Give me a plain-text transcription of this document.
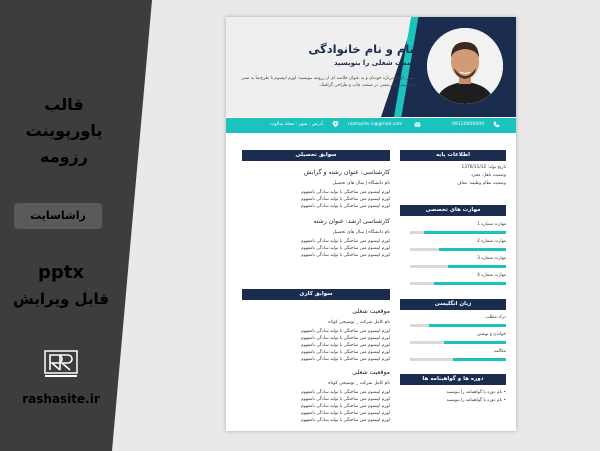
قالب
پاورپوینت
رزومه
راشاسایت
pptx
قابل ویرایش
rashasite.ir
نام و نام خانوادگی
سمت شغلی را بنویسید
متنی کوتاه درباره خودتان و به عنوان خلاصه ای از رزومه بنویسید؛ لورم ایپسوم یا طرح‌نما به متنی آزمایشی و بی‌معنی در صنعت چاپ و طراحی گرافیک.
09120000000
rashasite.ir@gmail.com
آدرس : شهر - محله سالوت
اطلاعات پایه
تاریخ تولد: 1376/11/12
وضعیت تاهل: مجرد
وضعیت نظام وظیفه: معاف
مهارت های تخصصی
مهارت شماره 1
مهارت شماره 2
مهارت شماره 3
مهارت شماره 4
زبان انگلیسی
درک مطلب
خواندن و نوشتن
مکالمه
دوره ها و گواهینامه ها
• نام دوره یا گواهینامه را بنویسید
• نام دوره یا گواهینامه را بنویسید
سوابق تحصیلی
کارشناسی: عنوان رشته و گرایش
نام دانشگاه | سال های تحصیل
لورم ایپسوم متن ساختگی با تولید سادگی نامفهوم
لورم ایپسوم متن ساختگی با تولید سادگی نامفهوم
لورم ایپسوم متن ساختگی با تولید سادگی نامفهوم
کارشناسی ارشد: عنوان رشته
نام دانشگاه | سال های تحصیل
لورم ایپسوم متن ساختگی با تولید سادگی نامفهوم
لورم ایپسوم متن ساختگی با تولید سادگی نامفهوم
لورم ایپسوم متن ساختگی با تولید سادگی نامفهوم
سوابق کاری
موقعیت شغلی
نام کامل شرکت _ توضیحی کوتاه
لورم ایپسوم متن ساختگی با تولید سادگی نامفهوم
لورم ایپسوم متن ساختگی با تولید سادگی نامفهوم
لورم ایپسوم متن ساختگی با تولید سادگی نامفهوم
لورم ایپسوم متن ساختگی با تولید سادگی نامفهوم
لورم ایپسوم متن ساختگی با تولید سادگی نامفهوم
موقعیت شغلی
نام کامل شرکت _ توضیحی کوتاه
لورم ایپسوم متن ساختگی با تولید سادگی نامفهوم
لورم ایپسوم متن ساختگی با تولید سادگی نامفهوم
لورم ایپسوم متن ساختگی با تولید سادگی نامفهوم
لورم ایپسوم متن ساختگی با تولید سادگی نامفهوم
لورم ایپسوم متن ساختگی با تولید سادگی نامفهوم
